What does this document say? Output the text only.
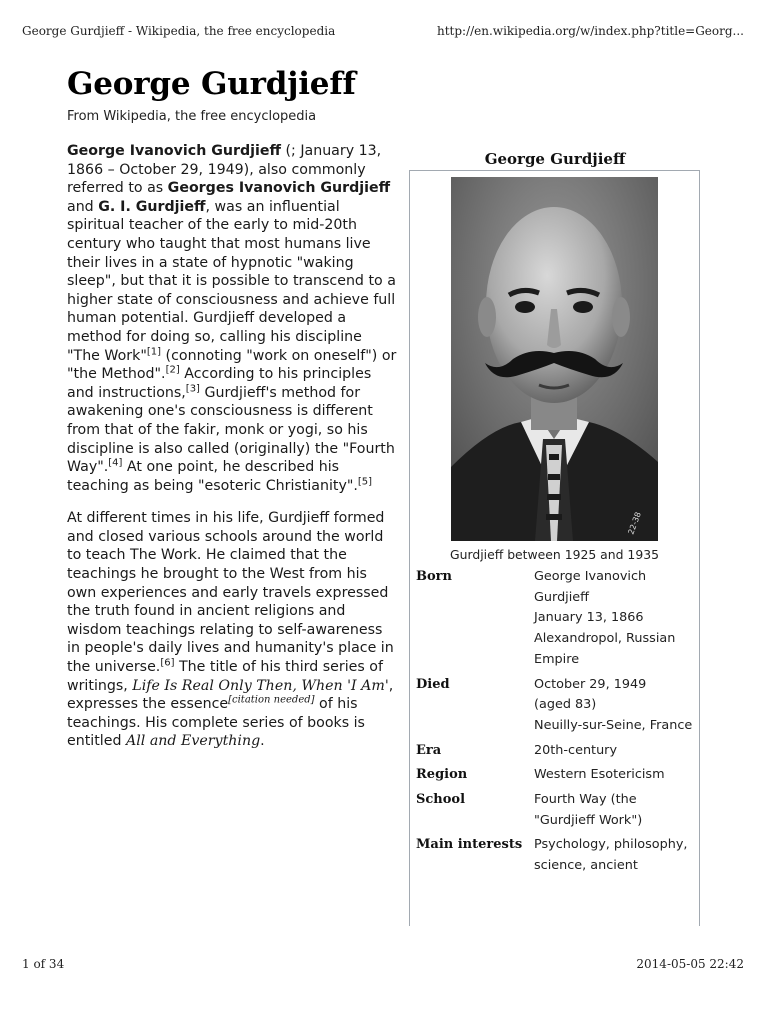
George Gurdjieff - Wikipedia, the free encyclopedia	http://en.wikipedia.org/w/index.php?title=Georg...
George Gurdjieff
From Wikipedia, the free encyclopedia

George Ivanovich Gurdjieff (; January 13, 1866 – October 29, 1949), also commonly referred to as Georges Ivanovich Gurdjieff and G. I. Gurdjieff, was an influential spiritual teacher of the early to mid-20th century who taught that most humans live their lives in a state of hypnotic "waking sleep", but that it is possible to transcend to a higher state of consciousness and achieve full human potential. Gurdjieff developed a method for doing so, calling his discipline "The Work"[1] (connoting "work on oneself") or "the Method".[2] According to his principles and instructions,[3] Gurdjieff's method for awakening one's consciousness is different from that of the fakir, monk or yogi, so his discipline is also called (originally) the "Fourth Way".[4] At one point, he described his teaching as being "esoteric Christianity".[5]

At different times in his life, Gurdjieff formed and closed various schools around the world to teach The Work. He claimed that the teachings he brought to the West from his own experiences and early travels expressed the truth found in ancient religions and wisdom teachings relating to self-awareness in people's daily lives and humanity's place in the universe.[6] The title of his third series of writings, Life Is Real Only Then, When 'I Am', expresses the essence[citation needed] of his teachings. His complete series of books is entitled All and Everything.

George Gurdjieff
22-38
Gurdjieff between 1925 and 1935
Born	George Ivanovich Gurdjieff
January 13, 1866
Alexandropol, Russian Empire

Died	October 29, 1949
(aged 83)
Neuilly-sur-Seine, France

Era	20th-century
Region	Western Esotericism
School	Fourth Way (the "Gurdjieff Work")
Main interests	Psychology, philosophy, science, ancient
1 of 34	2014-05-05 22:42
